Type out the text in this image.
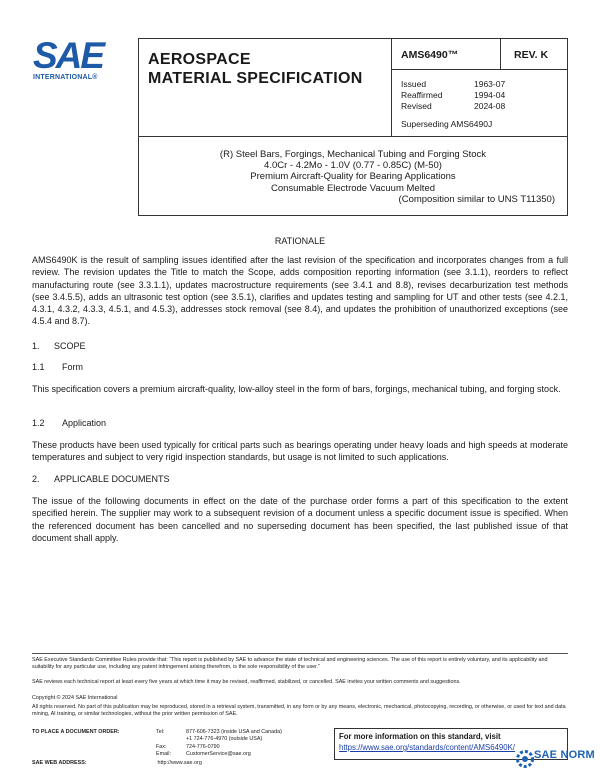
SAE
INTERNATIONAL®
AEROSPACE
MATERIAL SPECIFICATION
AMS6490™	REV. K
Issued	1963-07
Reaffirmed	1994-04
Revised	2024-08
Superseding AMS6490J
(R) Steel Bars, Forgings, Mechanical Tubing and Forging Stock
4.0Cr - 4.2Mo - 1.0V (0.77 - 0.85C) (M-50)
Premium Aircraft-Quality for Bearing Applications
Consumable Electrode Vacuum Melted
(Composition similar to UNS T11350)
RATIONALE
AMS6490K is the result of sampling issues identified after the last revision of the specification and incorporates changes from a full review. The revision updates the Title to match the Scope, adds composition reporting information (see 3.1.1), reorders to reflect manufacturing route (see 3.3.1.1), updates macrostructure requirements (see 3.4.1 and 8.8), revises decarburization test methods (see 3.4.5.5), adds an ultrasonic test option (see 3.5.1), clarifies and updates testing and sampling for UT and other tests (see 4.2.1, 4.3.1, 4.3.2, 4.3.3, 4.5.1, and 4.5.3), addresses stock removal (see 8.4), and updates the prohibition of unauthorized exceptions (see 4.5.4 and 8.7).
1. SCOPE
1.1 Form
This specification covers a premium aircraft-quality, low-alloy steel in the form of bars, forgings, mechanical tubing, and forging stock.
1.2 Application
These products have been used typically for critical parts such as bearings operating under heavy loads and high speeds at moderate temperatures and subject to very rigid inspection standards, but usage is not limited to such applications.
2. APPLICABLE DOCUMENTS
The issue of the following documents in effect on the date of the purchase order forms a part of this specification to the extent specified herein. The supplier may work to a subsequent revision of a document unless a specific document issue is specified. When the referenced document has been cancelled and no superseding document has been specified, the last published issue of that document shall apply.
SAE Executive Standards Committee Rules provide that: “This report is published by SAE to advance the state of technical and engineering sciences. The use of this report is entirely voluntary, and its applicability and suitability for any particular use, including any patent infringement arising therefrom, is the sole responsibility of the user.”
SAE reviews each technical report at least every five years at which time it may be revised, reaffirmed, stabilized, or cancelled. SAE invites your written comments and suggestions.
Copyright © 2024 SAE International
All rights reserved. No part of this publication may be reproduced, stored in a retrieval system, transmitted, in any form or by any means, electronic, mechanical, photocopying, recording, or otherwise, or used for text and data mining, AI training, or similar technologies, without the prior written permission of SAE.
TO PLACE A DOCUMENT ORDER:	Tel:	877-606-7323 (inside USA and Canada)
+1 724-776-4970 (outside USA)
Fax:	724-776-0790
Email:	CustomerService@sae.org
SAE WEB ADDRESS:	http://www.sae.org
For more information on this standard, visit
https://www.sae.org/standards/content/AMS6490K/
SAE NORM
